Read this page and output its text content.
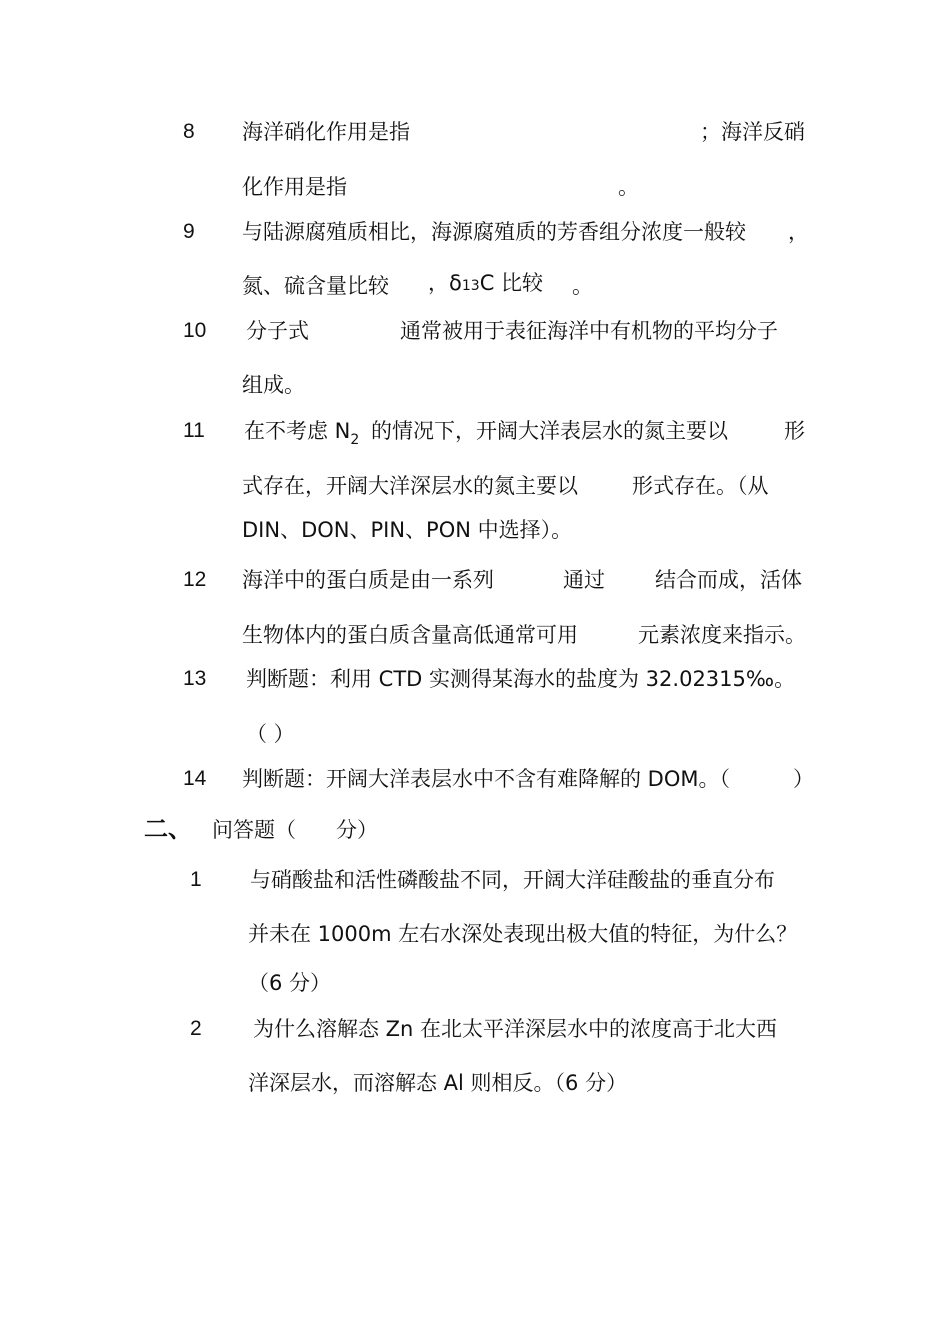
8 海洋硝化作用是指	；海洋反硝
化作用是指	。
9 与陆源腐殖质相比，海源腐殖质的芳香组分浓度一般较 ，
氮、硫含量比较 ，δ13C 比较 。
10 分子式	通常被用于表征海洋中有机物的平均分子
组成。
11 在不考虑 $N_2$ 的情况下，开阔大洋表层水的氮主要以	形
式存在，开阔大洋深层水的氮主要以	形式存在。（从
DIN、DON、PIN、PON 中选择）。
12 海洋中的蛋白质是由一系列	通过 结合而成，活体
生物体内的蛋白质含量高低通常可用	元素浓度来指示。
13 判断题：利用 CTD 实测得某海水的盐度为 32.02315‰。
（ ）
14 判断题：开阔大洋表层水中不含有难降解的 DOM。（	）
二、 问答题（ 分）
1 与硝酸盐和活性磷酸盐不同，开阔大洋硅酸盐的垂直分布
并未在 1000m 左右水深处表现出极大值的特征，为什么？
（6 分）
2 为什么溶解态 Zn 在北太平洋深层水中的浓度高于北大西
洋深层水，而溶解态 Al 则相反。（6 分）
